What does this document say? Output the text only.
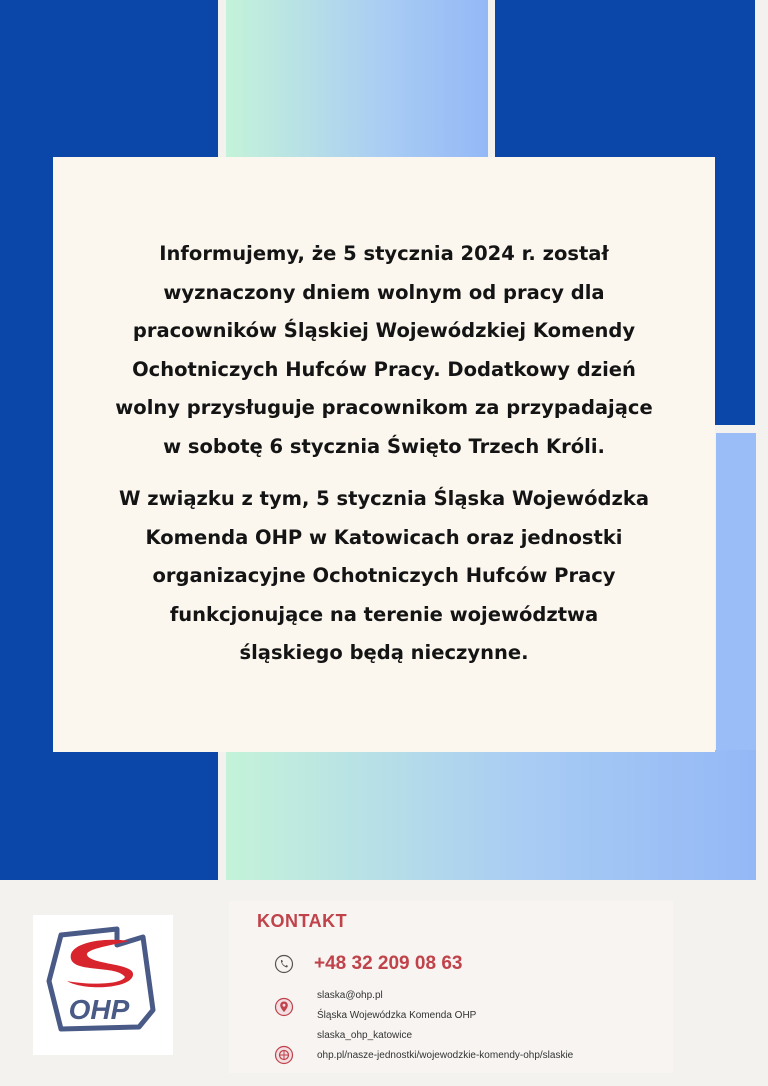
Informujemy, że 5 stycznia 2024 r. został
wyznaczony dniem wolnym od pracy dla
pracowników Śląskiej Wojewódzkiej Komendy
Ochotniczych Hufców Pracy. Dodatkowy dzień
wolny przysługuje pracownikom za przypadające
w sobotę 6 stycznia Święto Trzech Króli.

W związku z tym, 5 stycznia Śląska Wojewódzka
Komenda OHP w Katowicach oraz jednostki
organizacyjne Ochotniczych Hufców Pracy
funkcjonujące na terenie województwa
śląskiego będą nieczynne.

OHP
KONTAKT
+48 32 209 08 63
slaska@ohp.pl
Śląska Wojewódzka Komenda OHP
slaska_ohp_katowice
ohp.pl/nasze-jednostki/wojewodzkie-komendy-ohp/slaskie
